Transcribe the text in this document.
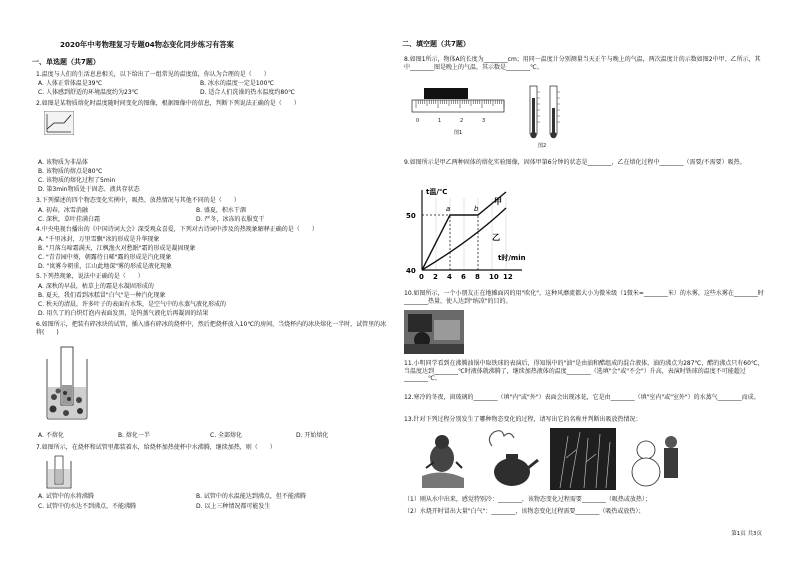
2020年中考物理复习专题04物态变化同步练习有答案
一、单选题（共7题）
1.温度与人们的生活息息相关，以下给出了一组常见的温度值，你认为合理的是（　　）
A. 人体正常体温是39℃	B. 冰水的温度一定是100℃
C. 人体感到舒适的环境温度约为23℃	D. 适合人们洗澡的热水温度约80℃
2.如图是某物质熔化时温度随时间变化的图像，根据图像中的信息，判断下列说法正确的是（　　）
A. 该物质为非晶体
B. 该物质的熔点是80℃
C. 该物质的熔化过程了5min
D. 第3min物质处于固态、液共存状态
3.下列描述的四个物态变化实例中，吸热、放热情况与其他不同的是（　　）
A. 初春，冰雪消融	B. 盛夏，积水干涸
C. 深秋，草叶挂满白霜	D. 严冬，冰冻的衣服变干
4.中央电视台播出的《中国诗词大会》深受观众喜爱，下列对古诗词中涉及的热现象解释正确的是（　　）
A. "千里冰封，万里雪飘"冰的形成是升华现象
B. "月落乌啼霜满天，江枫渔火对愁眠"霜的形成是凝固现象
C. "青青园中葵，朝露待日晞"露的形成是汽化现象
D. "岚雾今朝重，江山此地深"雾的形成是液化现象
5.下列热现象，说法中正确的是（　　）
A. 深秋的早晨，枯草上的霜是水凝固形成的
B. 夏天，我们看到冰糕冒"白气"是一种汽化现象
C. 秋天的清晨，许多叶子的表面有水珠，是空气中的水蒸气液化形成的
D. 用久了的白炽灯泡内表面发黑，是钨蒸气液化后再凝固的结果
6.如图所示，把装有碎冰块的试管，插入盛有碎冰的烧杯中，然后把烧杯放入10℃的房间，当烧杯内的冰块熔化一半时，试管里的冰将(　　)
A. 不熔化	B. 熔化一半	C. 全部熔化	D. 开始熔化
7.如图所示，在烧杯和试管里都装着水，给烧杯加热使杯中水沸腾，继续加热，则（　　）
A. 试管中的水将沸腾	B. 试管中的水温能达到沸点，但不能沸腾
C. 试管中的水达不到沸点，不能沸腾	D. 以上三种情况都可能发生
二、填空题（共7题）
8.如图1所示，物体A的长度为________cm；用同一温度计分别测量当天正午与晚上的气温，两次温度计的示数如图2中甲、乙所示，其中________图是晚上的气温，其示数是________℃。
0	1	2	3
图1
图2
9.如图所示是甲乙两种固体的熔化实验图像，固体甲第6分钟的状态是________，乙在熔化过程中________（需要/不需要）吸热。
t温/℃
t时/min
0 2 4 6 8 10 12
40
50
甲
乙
a	b
10.如图所示，一个小朋友正在地摊面闪的用"吹化"，这种风靡流都大小为微米级（1微米=________米）的水雾，这些水雾在________时________热量，使人达到"纳凉"的目的。
11.小明同学看到在沸腾油锅中取铁球的表演后，得知锅中的"油"是由油和醋组成的混合液体，油的沸点为287℃，醋的沸点只有60℃，当温度达到________℃时液体就沸腾了，继续加热液体的温度________（选填"会"或"不会"）升高，表演时铁球的温度不可能超过________℃。
12.寒冷的冬夜，窗玻璃的________（填"内"或"外"）表面会出现冰花，它是由________（填"室内"或"室外"）的水蒸气________而成。
13.针对下列过程分别发生了哪种物态变化的过程，请写出它的名称并判断出吸放热情况：
（1）刚从水中出来，感觉特别冷：________，该物态变化过程需要________（吸热或放热）；
（2）水烧开时冒出大量"白气"：________，该物态变化过程需要________（吸热或放热）；
第1页 共3页
